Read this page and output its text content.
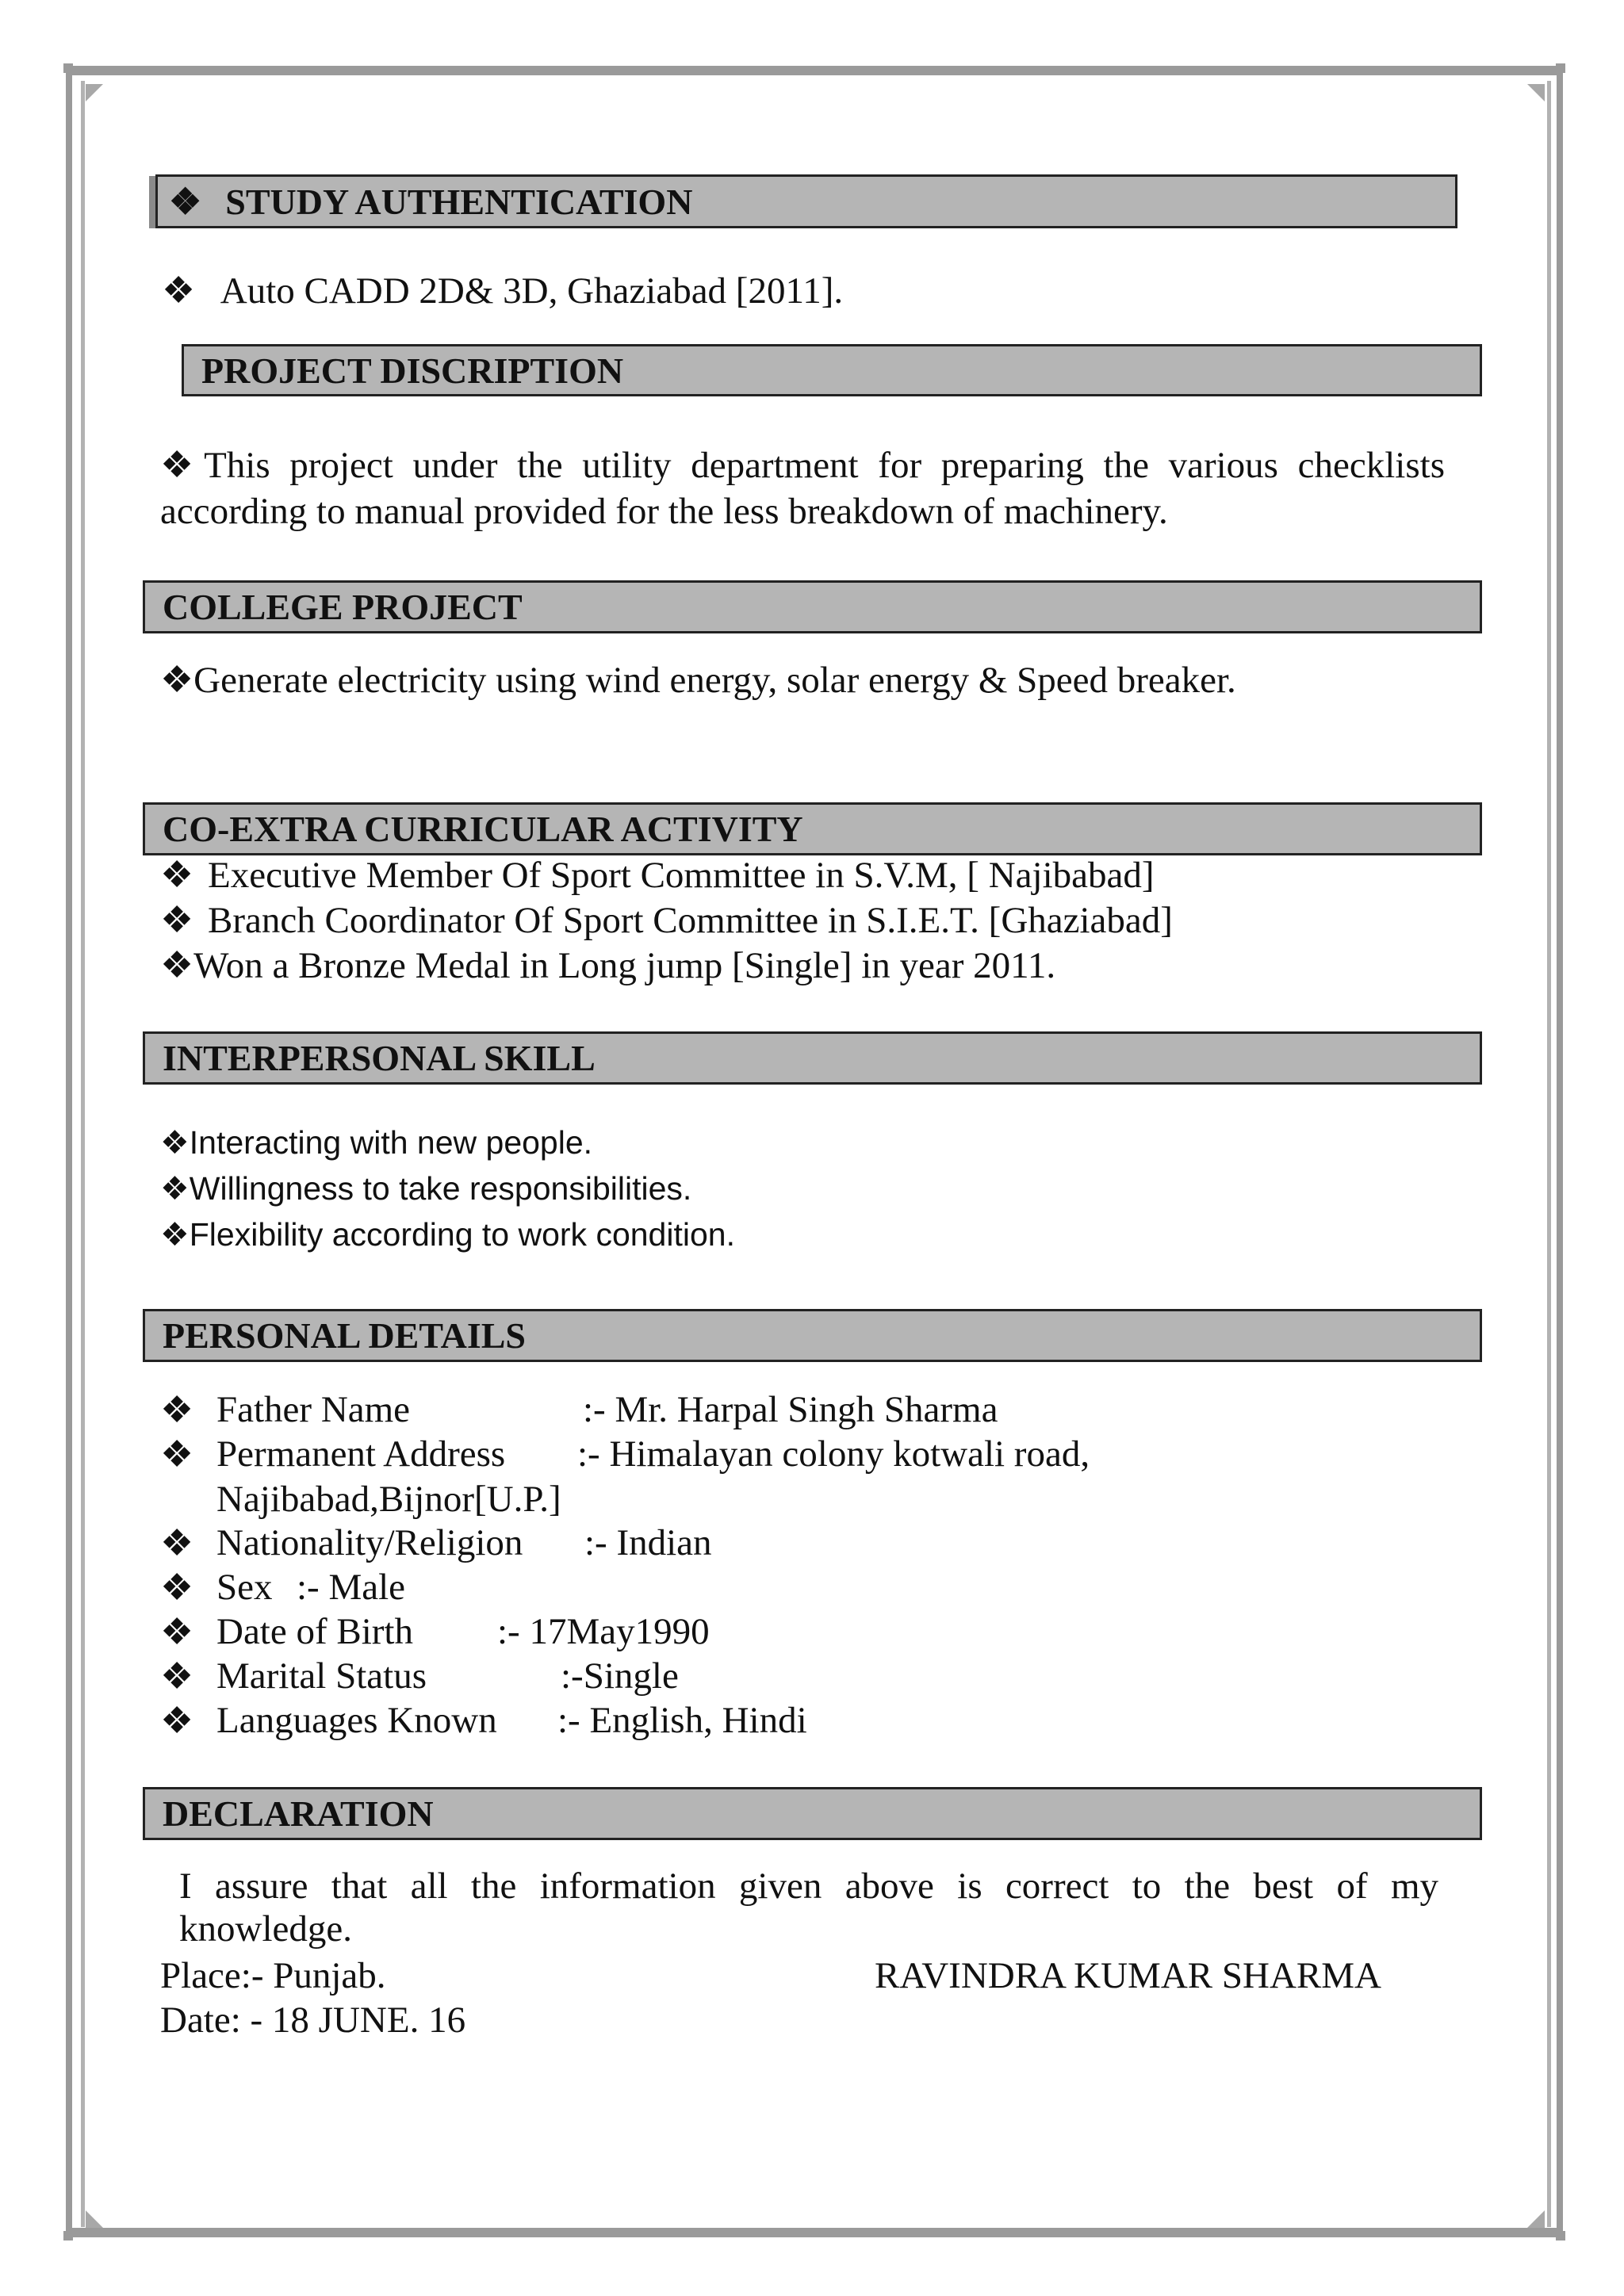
❖ STUDY AUTHENTICATION
❖ Auto CADD 2D& 3D, Ghaziabad [2011].
PROJECT DISCRIPTION
❖This project under the utility department for preparing the various checklists
according to manual provided for the less breakdown of machinery.
COLLEGE PROJECT
❖Generate electricity using wind energy, solar energy & Speed breaker.
CO-EXTRA CURRICULAR ACTIVITY
❖ Executive Member Of Sport Committee in S.V.M, [ Najibabad]
❖ Branch Coordinator Of Sport Committee in S.I.E.T. [Ghaziabad]
❖Won a Bronze Medal in Long jump [Single] in year 2011.
INTERPERSONAL SKILL
❖Interacting with new people.
❖Willingness to take responsibilities.
❖Flexibility according to work condition.
PERSONAL DETAILS
❖ Father Name	:- Mr. Harpal Singh Sharma
❖ Permanent Address :- Himalayan colony kotwali road,
Najibabad,Bijnor[U.P.]
❖ Nationality/Religion :- Indian
❖ Sex :- Male
❖ Date of Birth :- 17May1990
❖ Marital Status	:-Single
❖ Languages Known :- English, Hindi
DECLARATION
I assure that all the information given above is correct to the best of my
knowledge.
Place:- Punjab.	RAVINDRA KUMAR SHARMA
Date: - 18 JUNE. 16
